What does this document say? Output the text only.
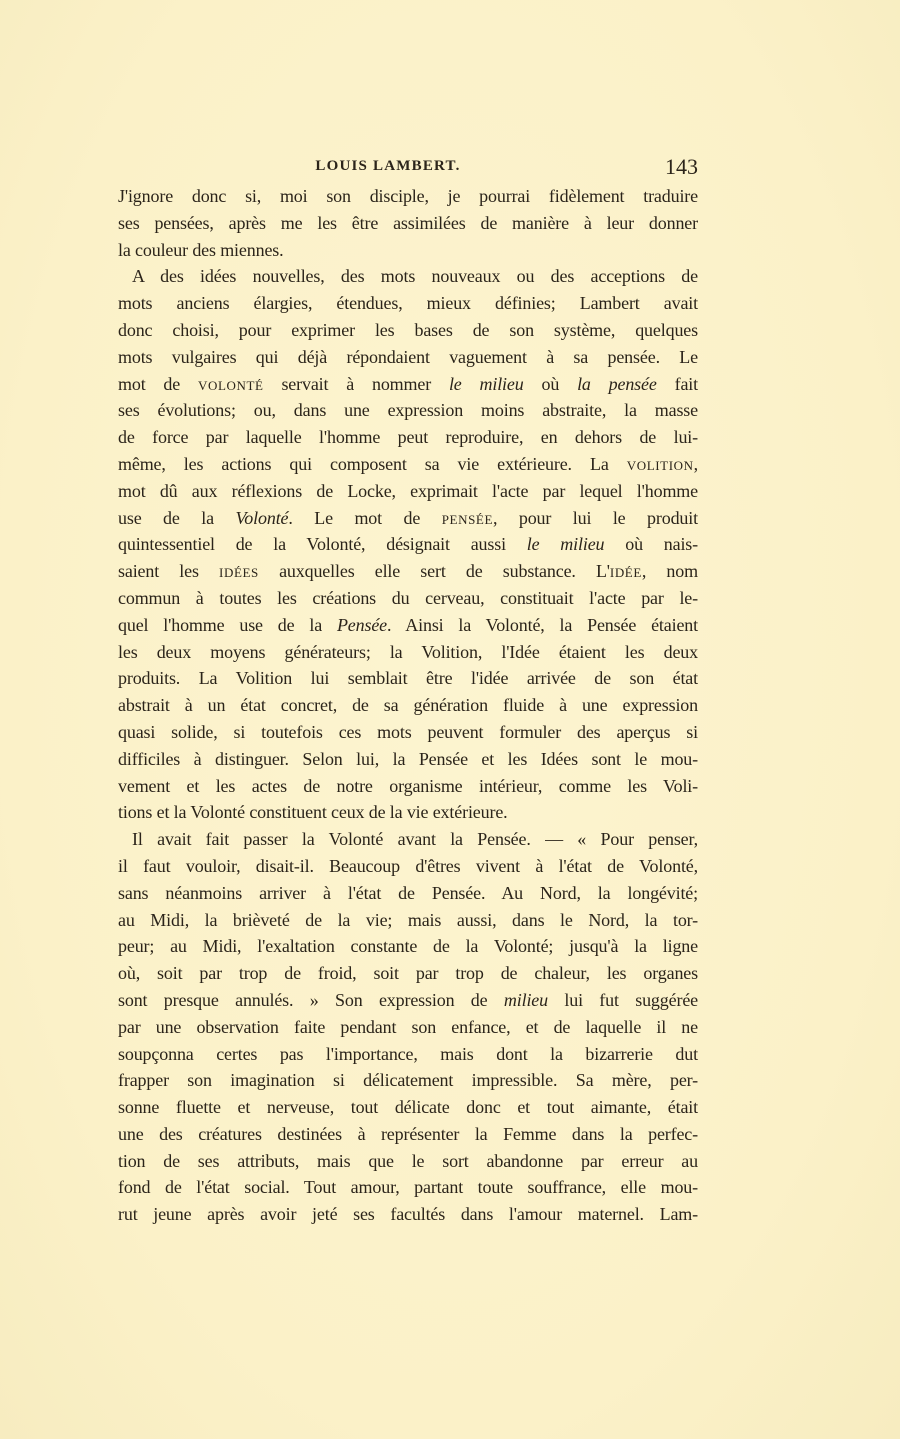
LOUIS LAMBERT.	143
J'ignore donc si, moi son disciple, je pourrai fidèlement traduire
ses pensées, après me les être assimilées de manière à leur donner
la couleur des miennes.
A des idées nouvelles, des mots nouveaux ou des acceptions de
mots anciens élargies, étendues, mieux définies; Lambert avait
donc choisi, pour exprimer les bases de son système, quelques
mots vulgaires qui déjà répondaient vaguement à sa pensée. Le
mot de volonté servait à nommer le milieu où la pensée fait
ses évolutions; ou, dans une expression moins abstraite, la masse
de force par laquelle l'homme peut reproduire, en dehors de lui-
même, les actions qui composent sa vie extérieure. La volition,
mot dû aux réflexions de Locke, exprimait l'acte par lequel l'homme
use de la Volonté. Le mot de pensée, pour lui le produit
quintessentiel de la Volonté, désignait aussi le milieu où nais-
saient les idées auxquelles elle sert de substance. L'idée, nom
commun à toutes les créations du cerveau, constituait l'acte par le-
quel l'homme use de la Pensée. Ainsi la Volonté, la Pensée étaient
les deux moyens générateurs; la Volition, l'Idée étaient les deux
produits. La Volition lui semblait être l'idée arrivée de son état
abstrait à un état concret, de sa génération fluide à une expression
quasi solide, si toutefois ces mots peuvent formuler des aperçus si
difficiles à distinguer. Selon lui, la Pensée et les Idées sont le mou-
vement et les actes de notre organisme intérieur, comme les Voli-
tions et la Volonté constituent ceux de la vie extérieure.
Il avait fait passer la Volonté avant la Pensée. — « Pour penser,
il faut vouloir, disait-il. Beaucoup d'êtres vivent à l'état de Volonté,
sans néanmoins arriver à l'état de Pensée. Au Nord, la longévité;
au Midi, la brièveté de la vie; mais aussi, dans le Nord, la tor-
peur; au Midi, l'exaltation constante de la Volonté; jusqu'à la ligne
où, soit par trop de froid, soit par trop de chaleur, les organes
sont presque annulés. » Son expression de milieu lui fut suggérée
par une observation faite pendant son enfance, et de laquelle il ne
soupçonna certes pas l'importance, mais dont la bizarrerie dut
frapper son imagination si délicatement impressible. Sa mère, per-
sonne fluette et nerveuse, tout délicate donc et tout aimante, était
une des créatures destinées à représenter la Femme dans la perfec-
tion de ses attributs, mais que le sort abandonne par erreur au
fond de l'état social. Tout amour, partant toute souffrance, elle mou-
rut jeune après avoir jeté ses facultés dans l'amour maternel. Lam-
